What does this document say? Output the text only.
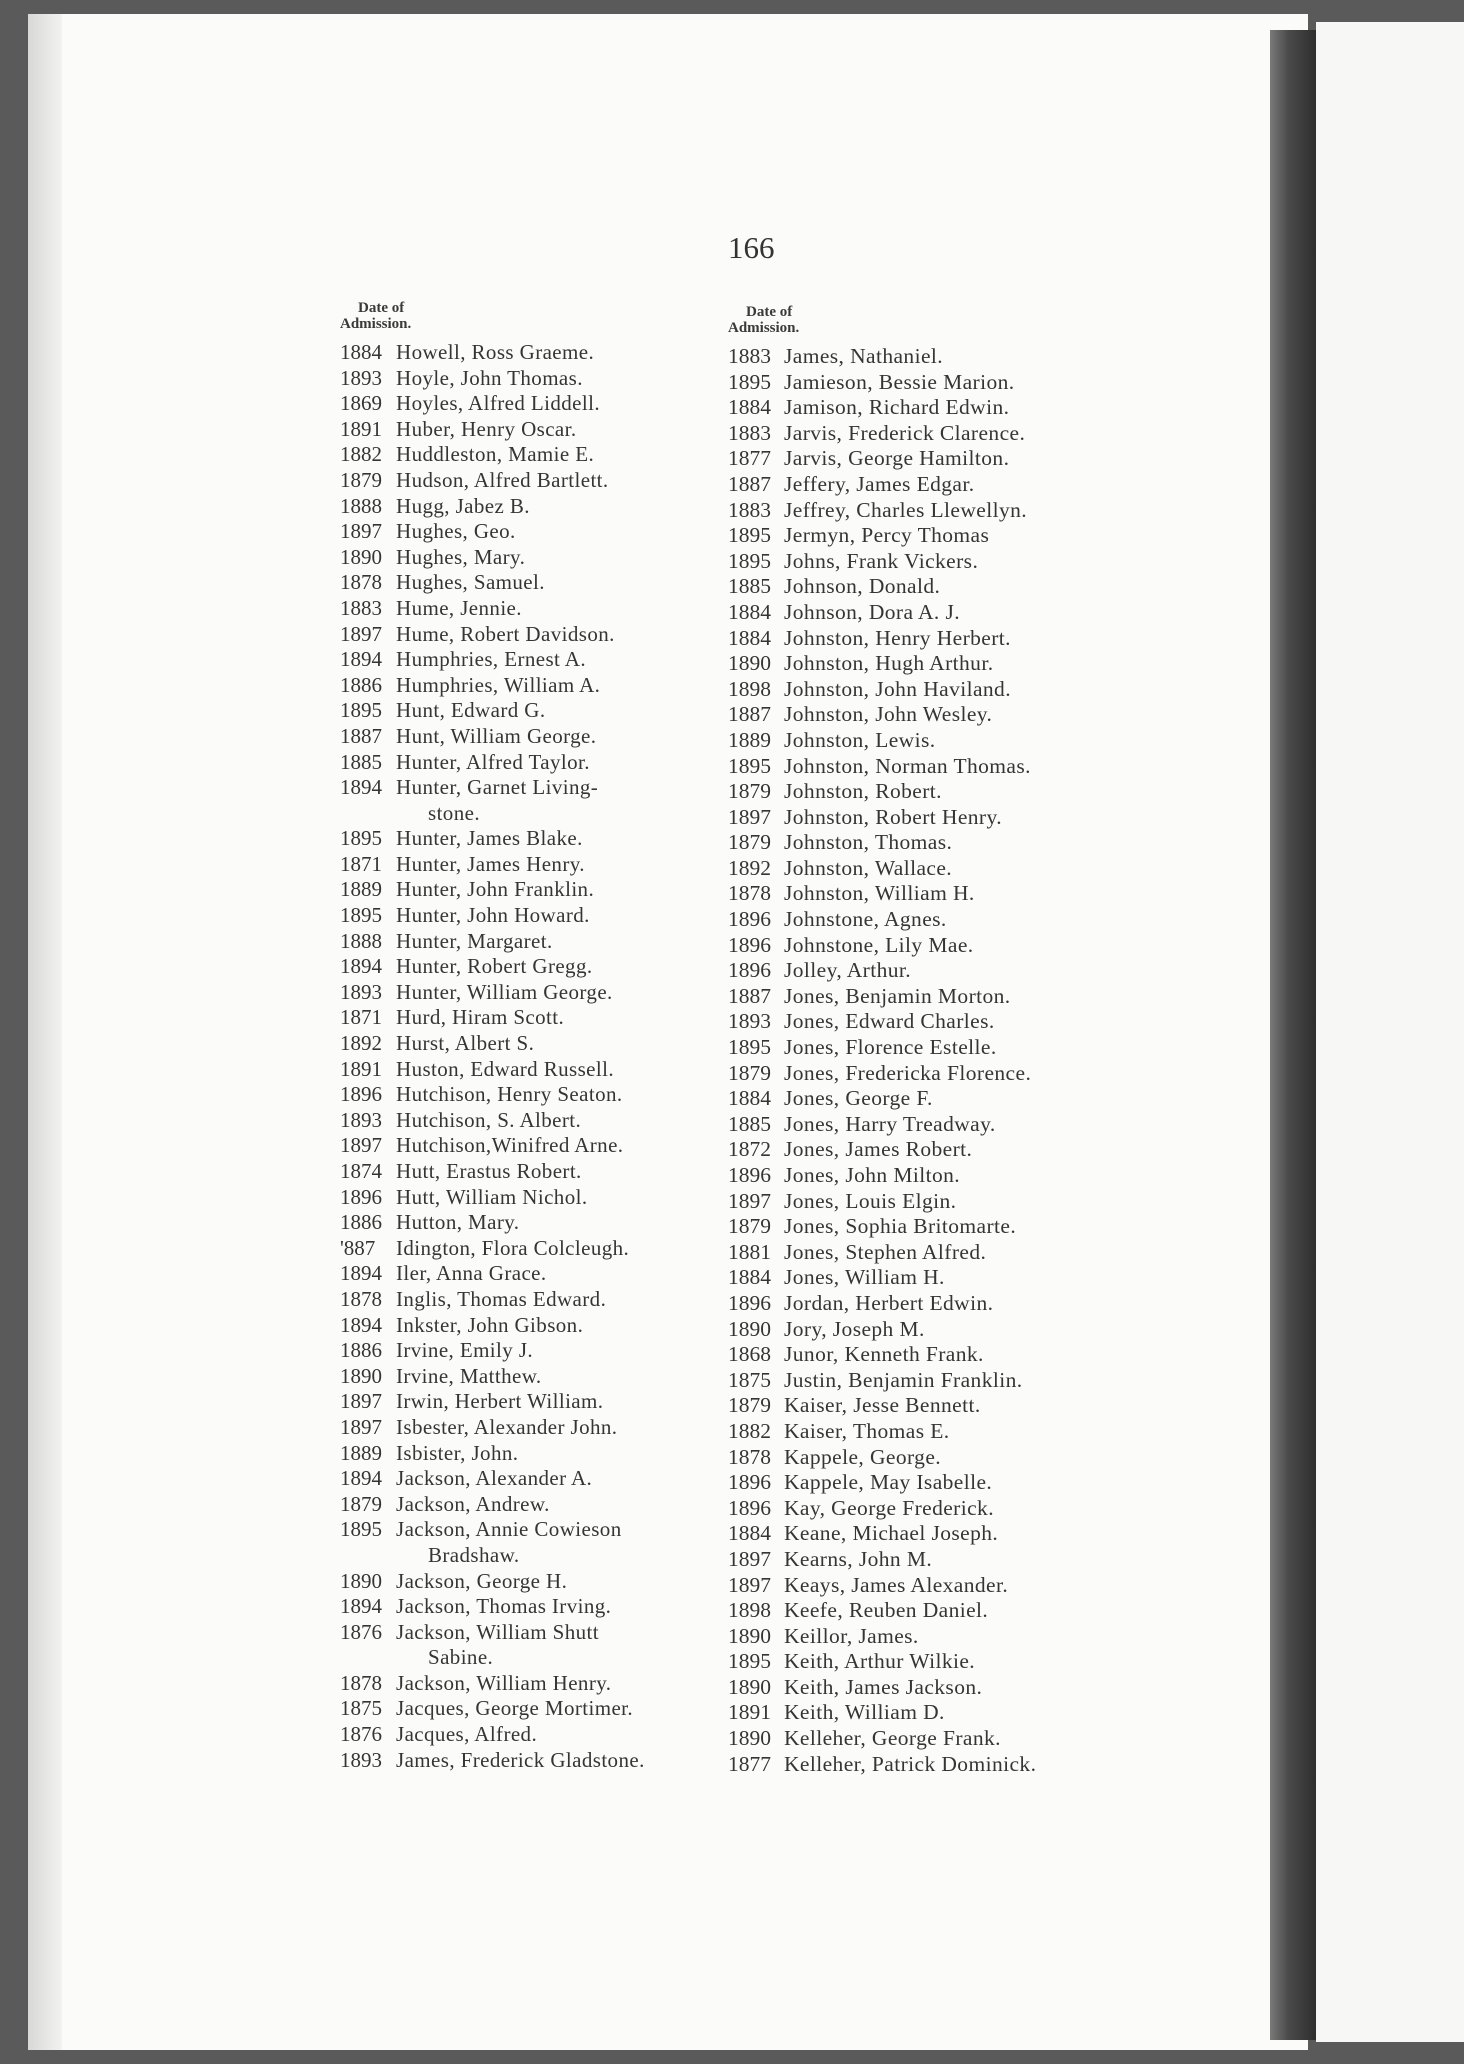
166
Date of
Admission.
1884 Howell, Ross Graeme.
1893 Hoyle, John Thomas.
1869 Hoyles, Alfred Liddell.
1891 Huber, Henry Oscar.
1882 Huddleston, Mamie E.
1879 Hudson, Alfred Bartlett.
1888 Hugg, Jabez B.
1897 Hughes, Geo.
1890 Hughes, Mary.
1878 Hughes, Samuel.
1883 Hume, Jennie.
1897 Hume, Robert Davidson.
1894 Humphries, Ernest A.
1886 Humphries, William A.
1895 Hunt, Edward G.
1887 Hunt, William George.
1885 Hunter, Alfred Taylor.
1894 Hunter, Garnet Living-
stone.
1895 Hunter, James Blake.
1871 Hunter, James Henry.
1889 Hunter, John Franklin.
1895 Hunter, John Howard.
1888 Hunter, Margaret.
1894 Hunter, Robert Gregg.
1893 Hunter, William George.
1871 Hurd, Hiram Scott.
1892 Hurst, Albert S.
1891 Huston, Edward Russell.
1896 Hutchison, Henry Seaton.
1893 Hutchison, S. Albert.
1897 Hutchison,Winifred Arne.
1874 Hutt, Erastus Robert.
1896 Hutt, William Nichol.
1886 Hutton, Mary.
'887 Idington, Flora Colcleugh.
1894 Iler, Anna Grace.
1878 Inglis, Thomas Edward.
1894 Inkster, John Gibson.
1886 Irvine, Emily J.
1890 Irvine, Matthew.
1897 Irwin, Herbert William.
1897 Isbester, Alexander John.
1889 Isbister, John.
1894 Jackson, Alexander A.
1879 Jackson, Andrew.
1895 Jackson, Annie Cowieson
Bradshaw.
1890 Jackson, George H.
1894 Jackson, Thomas Irving.
1876 Jackson, William Shutt
Sabine.
1878 Jackson, William Henry.
1875 Jacques, George Mortimer.
1876 Jacques, Alfred.
1893 James, Frederick Gladstone.
Date of
Admission.
1883 James, Nathaniel.
1895 Jamieson, Bessie Marion.
1884 Jamison, Richard Edwin.
1883 Jarvis, Frederick Clarence.
1877 Jarvis, George Hamilton.
1887 Jeffery, James Edgar.
1883 Jeffrey, Charles Llewellyn.
1895 Jermyn, Percy Thomas
1895 Johns, Frank Vickers.
1885 Johnson, Donald.
1884 Johnson, Dora A. J.
1884 Johnston, Henry Herbert.
1890 Johnston, Hugh Arthur.
1898 Johnston, John Haviland.
1887 Johnston, John Wesley.
1889 Johnston, Lewis.
1895 Johnston, Norman Thomas.
1879 Johnston, Robert.
1897 Johnston, Robert Henry.
1879 Johnston, Thomas.
1892 Johnston, Wallace.
1878 Johnston, William H.
1896 Johnstone, Agnes.
1896 Johnstone, Lily Mae.
1896 Jolley, Arthur.
1887 Jones, Benjamin Morton.
1893 Jones, Edward Charles.
1895 Jones, Florence Estelle.
1879 Jones, Fredericka Florence.
1884 Jones, George F.
1885 Jones, Harry Treadway.
1872 Jones, James Robert.
1896 Jones, John Milton.
1897 Jones, Louis Elgin.
1879 Jones, Sophia Britomarte.
1881 Jones, Stephen Alfred.
1884 Jones, William H.
1896 Jordan, Herbert Edwin.
1890 Jory, Joseph M.
1868 Junor, Kenneth Frank.
1875 Justin, Benjamin Franklin.
1879 Kaiser, Jesse Bennett.
1882 Kaiser, Thomas E.
1878 Kappele, George.
1896 Kappele, May Isabelle.
1896 Kay, George Frederick.
1884 Keane, Michael Joseph.
1897 Kearns, John M.
1897 Keays, James Alexander.
1898 Keefe, Reuben Daniel.
1890 Keillor, James.
1895 Keith, Arthur Wilkie.
1890 Keith, James Jackson.
1891 Keith, William D.
1890 Kelleher, George Frank.
1877 Kelleher, Patrick Dominick.
